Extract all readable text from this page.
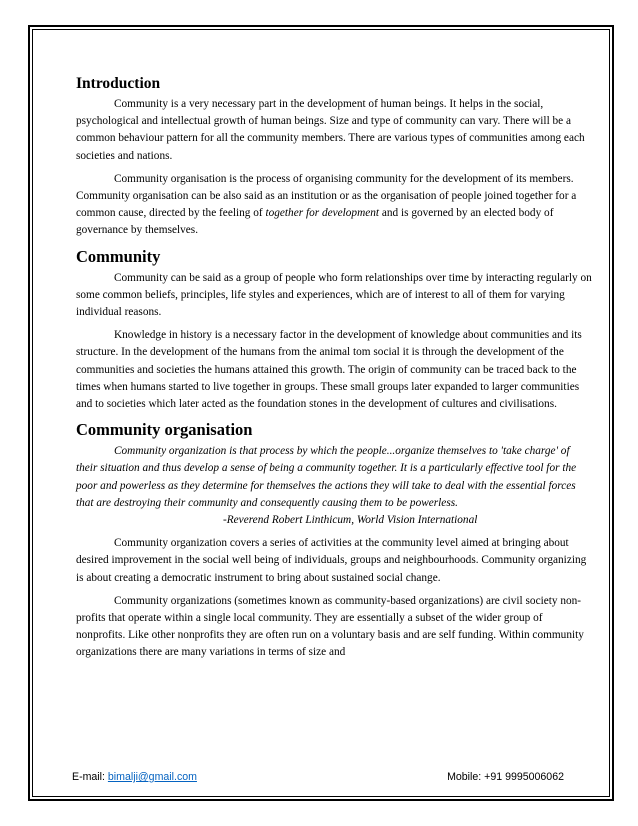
Introduction

Community is a very necessary part in the development of human beings. It helps in the social, psychological and intellectual growth of human beings. Size and type of community can vary. There will be a common behaviour pattern for all the community members. There are various types of communities among each societies and nations.

Community organisation is the process of organising community for the development of its members. Community organisation can be also said as an institution or as the organisation of people joined together for a common cause, directed by the feeling of together for development and is governed by an elected body of governance by themselves.

Community

Community can be said as a group of people who form relationships over time by interacting regularly on some common beliefs, principles, life styles and experiences, which are of interest to all of them for varying individual reasons.

Knowledge in history is a necessary factor in the development of knowledge about communities and its structure. In the development of the humans from the animal tom social it is through the development of the communities and societies the humans attained this growth. The origin of community can be traced back to the times when humans started to live together in groups. These small groups later expanded to larger communities and to societies which later acted as the foundation stones in the development of cultures and civilisations.

Community organisation

Community organization is that process by which the people...organize themselves to 'take charge' of their situation and thus develop a sense of being a community together. It is a particularly effective tool for the poor and powerless as they determine for themselves the actions they will take to deal with the essential forces that are destroying their community and consequently causing them to be powerless.

-Reverend Robert Linthicum, World Vision International

Community organization covers a series of activities at the community level aimed at bringing about desired improvement in the social well being of individuals, groups and neighbourhoods. Community organizing is about creating a democratic instrument to bring about sustained social change.

Community organizations (sometimes known as community-based organizations) are civil society non-profits that operate within a single local community. They are essentially a subset of the wider group of nonprofits. Like other nonprofits they are often run on a voluntary basis and are self funding. Within community organizations there are many variations in terms of size and

E-mail: bimalji@gmail.com	Mobile: +91 9995006062
